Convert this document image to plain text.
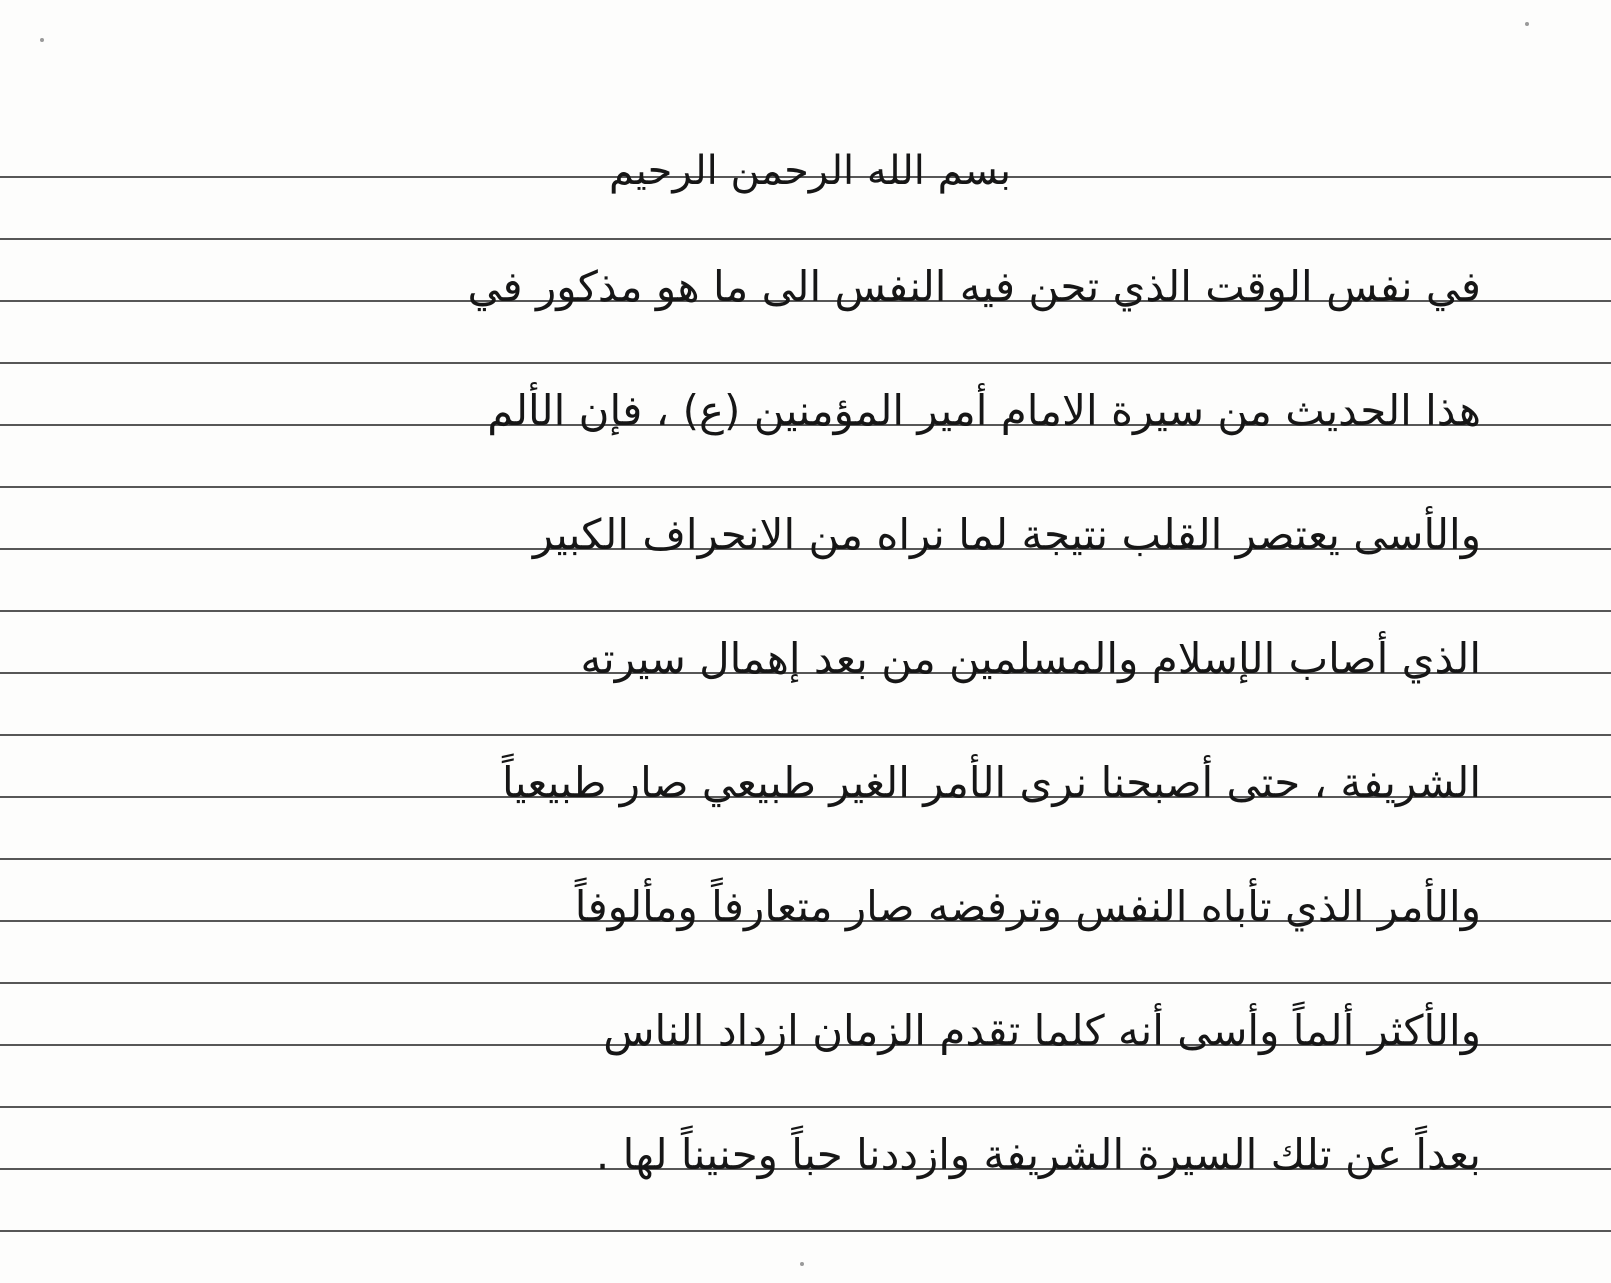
بسم الله الرحمن الرحيم
في نفس الوقت الذي تحن فيه النفس الى ما هو مذكور في
هذا الحديث من سيرة الامام أمير المؤمنين (ع) ، فإن الألم
والأسى يعتصر القلب نتيجة لما نراه من الانحراف الكبير
الذي أصاب الإسلام والمسلمين من بعد إهمال سيرته
الشريفة ، حتى أصبحنا نرى الأمر الغير طبيعي صار طبيعياً
والأمر الذي تأباه النفس وترفضه صار متعارفاً ومألوفاً
والأكثر ألماً وأسى أنه كلما تقدم الزمان ازداد الناس
بعداً عن تلك السيرة الشريفة وازددنا حباً وحنيناً لها .
